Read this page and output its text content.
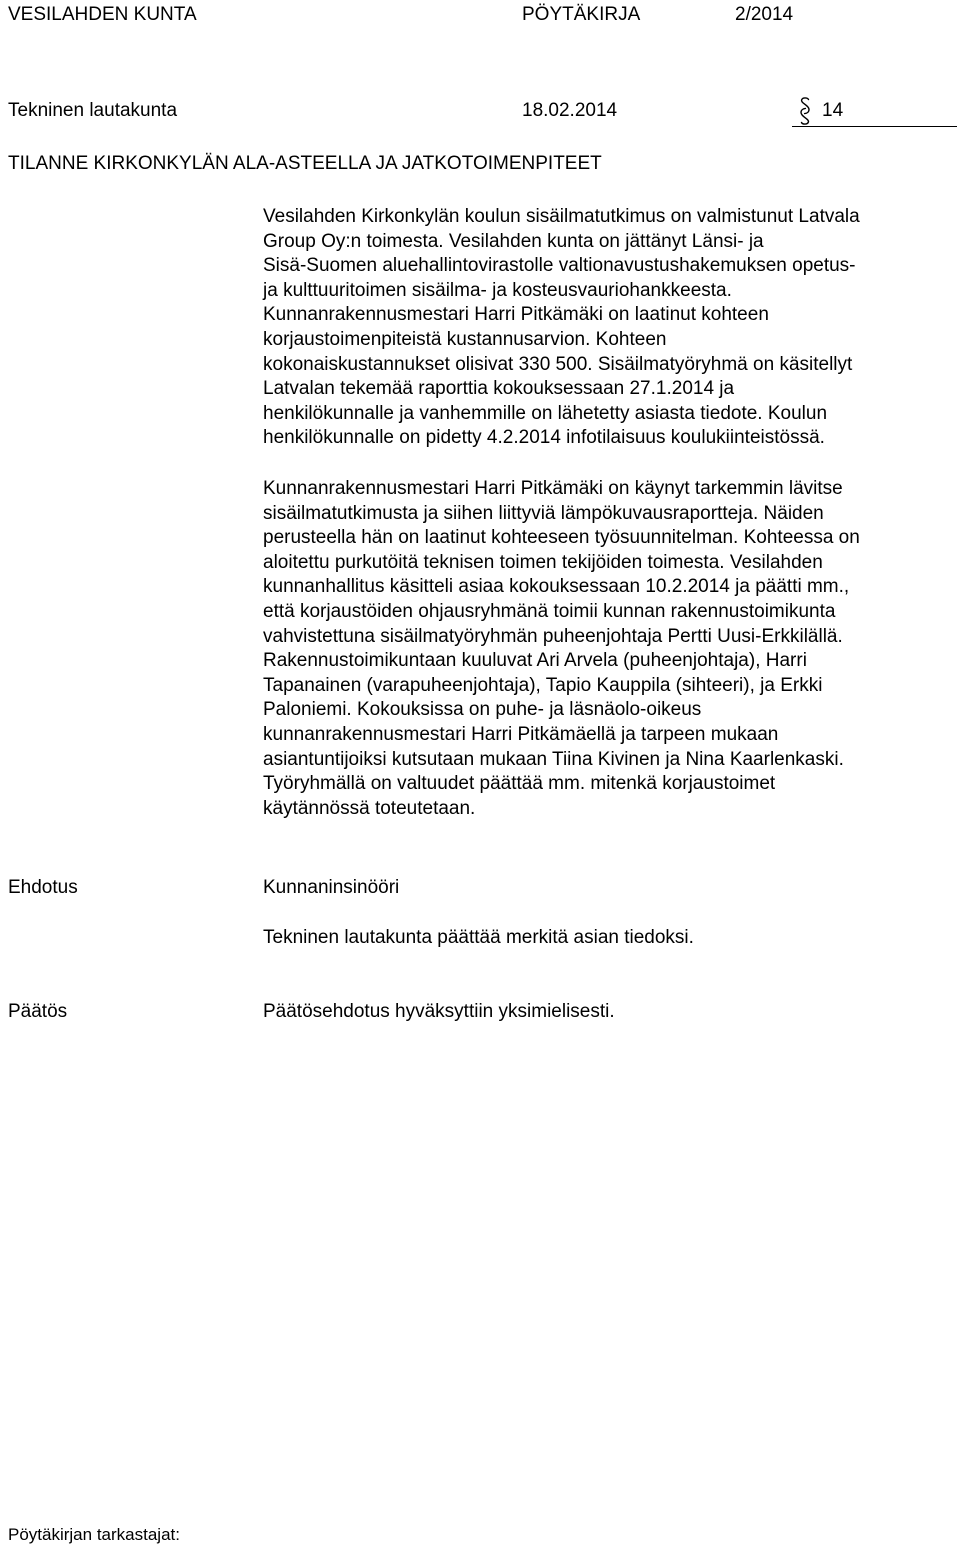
VESILAHDEN KUNTA	PÖYTÄKIRJA	2/2014
Tekninen lautakunta	18.02.2014	14
TILANNE KIRKONKYLÄN ALA-ASTEELLA JA JATKOTOIMENPITEET
Vesilahden Kirkonkylän koulun sisäilmatutkimus on valmistunut Latvala
Group Oy:n toimesta. Vesilahden kunta on jättänyt Länsi- ja
Sisä-Suomen aluehallintovirastolle valtionavustushakemuksen opetus-
ja kulttuuritoimen sisäilma- ja kosteusvauriohankkeesta.
Kunnanrakennusmestari Harri Pitkämäki on laatinut kohteen
korjaustoimenpiteistä kustannusarvion. Kohteen
kokonaiskustannukset olisivat 330 500. Sisäilmatyöryhmä on käsitellyt
Latvalan tekemää raporttia kokouksessaan 27.1.2014 ja
henkilökunnalle ja vanhemmille on lähetetty asiasta tiedote. Koulun
henkilökunnalle on pidetty 4.2.2014 infotilaisuus koulukiinteistössä.
Kunnanrakennusmestari Harri Pitkämäki on käynyt tarkemmin lävitse
sisäilmatutkimusta ja siihen liittyviä lämpökuvausraportteja. Näiden
perusteella hän on laatinut kohteeseen työsuunnitelman. Kohteessa on
aloitettu purkutöitä teknisen toimen tekijöiden toimesta. Vesilahden
kunnanhallitus käsitteli asiaa kokouksessaan 10.2.2014 ja päätti mm.,
että korjaustöiden ohjausryhmänä toimii kunnan rakennustoimikunta
vahvistettuna sisäilmatyöryhmän puheenjohtaja Pertti Uusi-Erkkilällä.
Rakennustoimikuntaan kuuluvat Ari Arvela (puheenjohtaja), Harri
Tapanainen (varapuheenjohtaja), Tapio Kauppila (sihteeri), ja Erkki
Paloniemi. Kokouksissa on puhe- ja läsnäolo-oikeus
kunnanrakennusmestari Harri Pitkämäellä ja tarpeen mukaan
asiantuntijoiksi kutsutaan mukaan Tiina Kivinen ja Nina Kaarlenkaski.
Työryhmällä on valtuudet päättää mm. mitenkä korjaustoimet
käytännössä toteutetaan.
Ehdotus	Kunnaninsinööri
Tekninen lautakunta päättää merkitä asian tiedoksi.
Päätös	Päätösehdotus hyväksyttiin yksimielisesti.
Pöytäkirjan tarkastajat:
